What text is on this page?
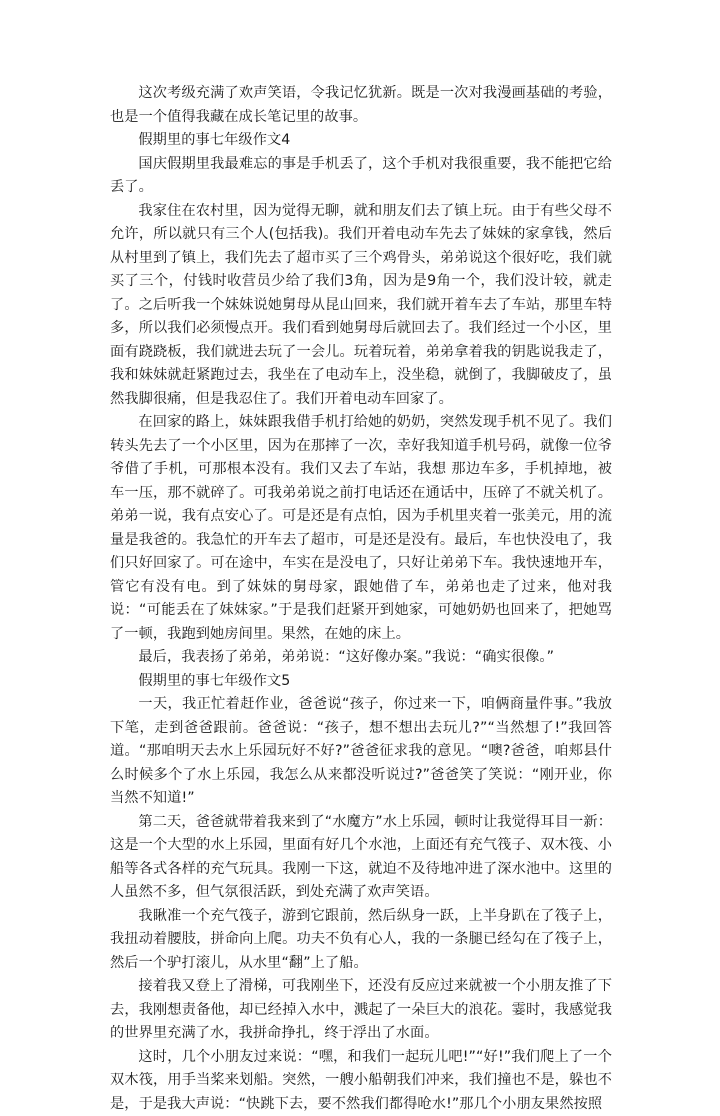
这次考级充满了欢声笑语，令我记忆犹新。既是一次对我漫画基础的考验，也是一个值得我藏在成长笔记里的故事。

假期里的事七年级作文4

国庆假期里我最难忘的事是手机丢了，这个手机对我很重要，我不能把它给丢了。

我家住在农村里，因为觉得无聊，就和朋友们去了镇上玩。由于有些父母不允许，所以就只有三个人(包括我)。我们开着电动车先去了妹妹的家拿钱，然后从村里到了镇上，我们先去了超市买了三个鸡骨头，弟弟说这个很好吃，我们就买了三个，付钱时收营员少给了我们3角，因为是9角一个，我们没计较，就走了。之后听我一个妹妹说她舅母从昆山回来，我们就开着车去了车站，那里车特多，所以我们必须慢点开。我们看到她舅母后就回去了。我们经过一个小区，里面有跷跷板，我们就进去玩了一会儿。玩着玩着，弟弟拿着我的钥匙说我走了，我和妹妹就赶紧跑过去，我坐在了电动车上，没坐稳，就倒了，我脚破皮了，虽然我脚很痛，但是我忍住了。我们开着电动车回家了。

在回家的路上，妹妹跟我借手机打给她的奶奶，突然发现手机不见了。我们转头先去了一个小区里，因为在那摔了一次，幸好我知道手机号码，就像一位爷爷借了手机，可那根本没有。我们又去了车站，我想 那边车多，手机掉地，被车一压，那不就碎了。可我弟弟说之前打电话还在通话中，压碎了不就关机了。弟弟一说，我有点安心了。可是还是有点怕，因为手机里夹着一张美元，用的流量是我爸的。我急忙的开车去了超市，可是还是没有。最后，车也快没电了，我们只好回家了。可在途中，车实在是没电了，只好让弟弟下车。我快速地开车，管它有没有电。到了妹妹的舅母家，跟她借了车，弟弟也走了过来，他对我说：“可能丢在了妹妹家。”于是我们赶紧开到她家，可她奶奶也回来了，把她骂了一顿，我跑到她房间里。果然，在她的床上。

最后，我表扬了弟弟，弟弟说：“这好像办案。”我说：“确实很像。”

假期里的事七年级作文5

一天，我正忙着赶作业，爸爸说“孩子，你过来一下，咱俩商量件事。”我放下笔，走到爸爸跟前。爸爸说：“孩子，想不想出去玩儿?”“当然想了!”我回答道。“那咱明天去水上乐园玩好不好?”爸爸征求我的意见。“噢?爸爸，咱郏县什么时候多个了水上乐园，我怎么从来都没听说过?”爸爸笑了笑说：“刚开业，你当然不知道!”

第二天，爸爸就带着我来到了“水魔方”水上乐园，顿时让我觉得耳目一新：这是一个大型的水上乐园，里面有好几个水池，上面还有充气筏子、双木筏、小船等各式各样的充气玩具。我刚一下这，就迫不及待地冲进了深水池中。这里的人虽然不多，但气氛很活跃，到处充满了欢声笑语。

我瞅准一个充气筏子，游到它跟前，然后纵身一跃，上半身趴在了筏子上，我扭动着腰肢，拼命向上爬。功夫不负有心人，我的一条腿已经勾在了筏子上，然后一个驴打滚儿，从水里“翻”上了船。

接着我又登上了滑梯，可我刚坐下，还没有反应过来就被一个小朋友推了下去，我刚想责备他，却已经掉入水中，溅起了一朵巨大的浪花。霎时，我感觉我的世界里充满了水，我拼命挣扎，终于浮出了水面。

这时，几个小朋友过来说：“嘿，和我们一起玩儿吧!”“好!”我们爬上了一个双木筏，用手当桨来划船。突然，一艘小船朝我们冲来，我们撞也不是，躲也不是，于是我大声说：“快跳下去，要不然我们都得呛水!”那几个小朋友果然按照
